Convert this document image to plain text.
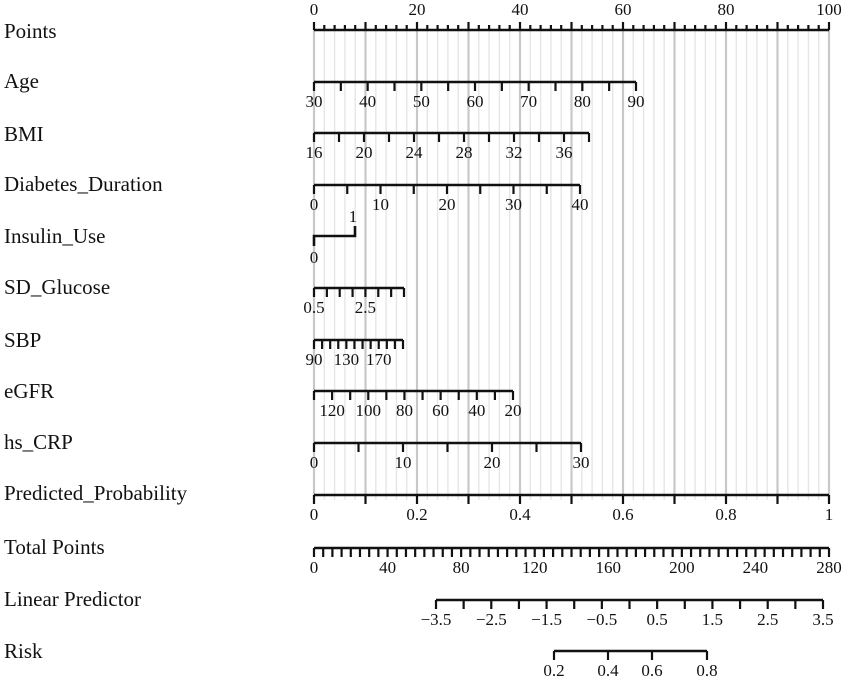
Points
Age
BMI
Diabetes_Duration
Insulin_Use
SD_Glucose
SBP
eGFR
hs_CRP
Predicted_Probability
Total Points
Linear Predictor
Risk
0	20	40	60	80	100
30 40 50 60 70 80 90
16 20 24 28 32 36
0	10	20	30	40
0
1
0.5 2.5
90 130 170
120 100 80 60 40 20
0	10	20	30
0	0.2	0.4	0.6	0.8	1
0	40	80	120	160	200	240	280
−3.5 −2.5 −1.5 −0.5 0.5 1.5 2.5 3.5
0.2 0.4 0.6 0.8
